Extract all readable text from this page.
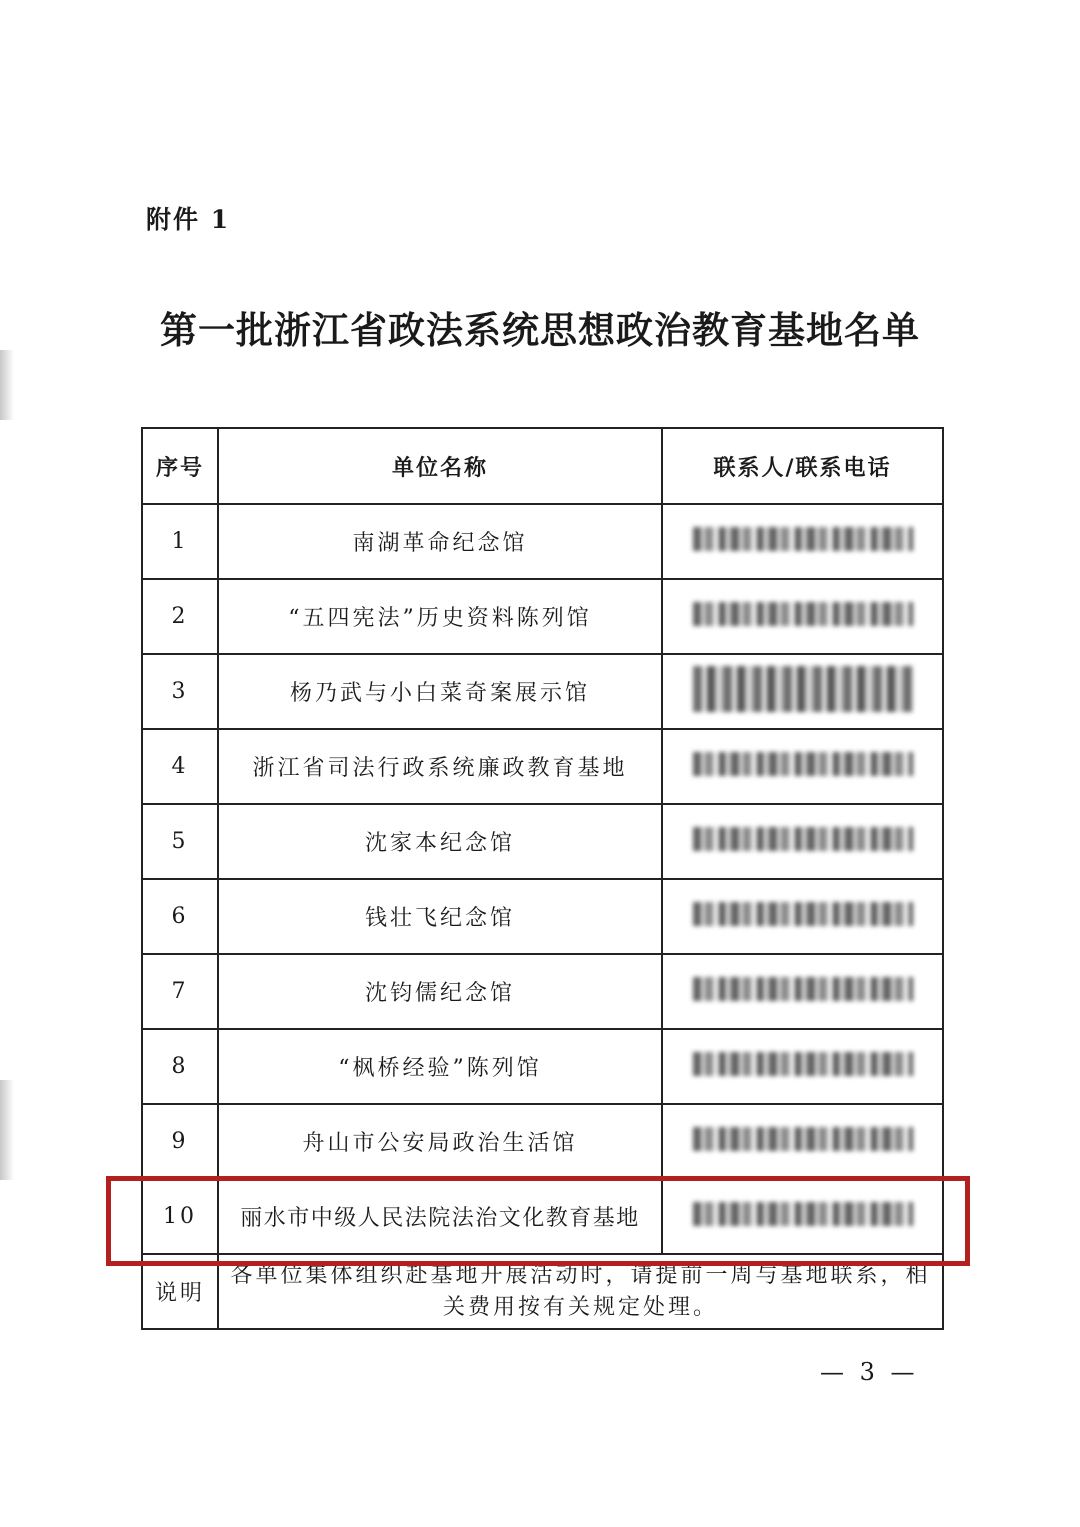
附件 1
第一批浙江省政法系统思想政治教育基地名单
序号	单位名称	联系人/联系电话
1	南湖革命纪念馆	
2	“五四宪法”历史资料陈列馆	
3	杨乃武与小白菜奇案展示馆	
4	浙江省司法行政系统廉政教育基地	
5	沈家本纪念馆	
6	钱壮飞纪念馆	
7	沈钧儒纪念馆	
8	“枫桥经验”陈列馆	
9	舟山市公安局政治生活馆	
10	丽水市中级人民法院法治文化教育基地	
说明	各单位集体组织赴基地开展活动时，请提前一周与基地联系，相关费用按有关规定处理。	
— 3 —
